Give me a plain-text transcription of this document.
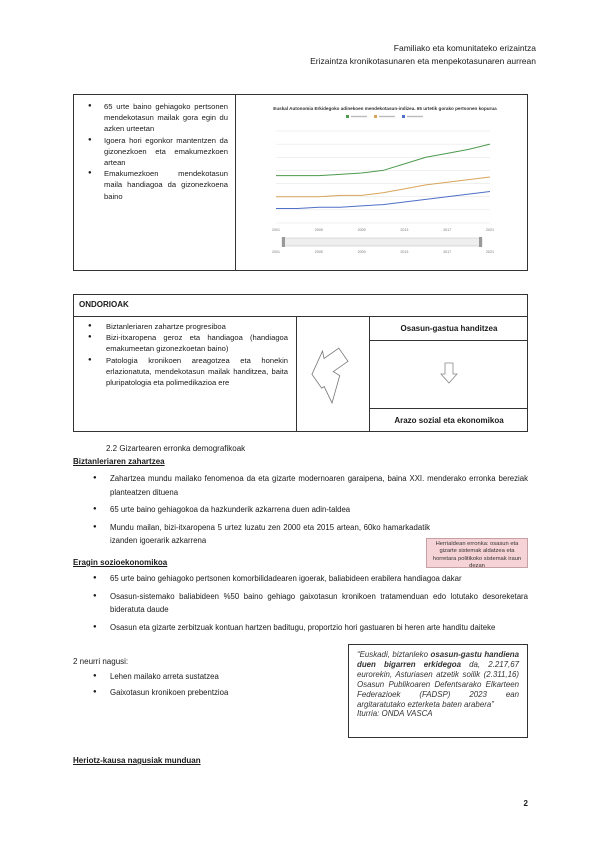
Familiako eta komunitateko erizaintza
Erizaintza kronikotasunaren eta menpekotasunaren aurrean
● 65 urte baino gehiagoko pertsonen mendekotasun mailak gora egin du azken urteetan
● Igoera hori egonkor mantentzen da gizonezkoen eta emakumezkoen artean
● Emakumezkoen mendekotasun maila handiagoa da gizonezkoena baino
Euskal Autonomia Erkidegoko adinekoen mendekotasun-indizea. 65 urtetik gorako pertsonen kopurua
2001	2005	2009	2013	2017	2021
2001	2005	2009	2013	2017	2021
ONDORIOAK
● Biztanleriaren zahartze progresiboa
● Bizi-itxaropena geroz eta handiagoa (handiagoa emakumeetan gizonezkoetan baino)
● Patologia kronikoen areagotzea eta honekin erlazionatuta, mendekotasun mailak handitzea, baita pluripatologia eta polimedikazioa ere
Osasun-gastua handitzea
Arazo sozial eta ekonomikoa
2.2 Gizartearen erronka demografikoak
Biztanleriaren zahartzea
● Zahartzea mundu mailako fenomenoa da eta gizarte modernoaren garaipena, baina XXI. menderako erronka bereziak planteatzen dituena
● 65 urte baino gehiagokoa da hazkunderik azkarrena duen adin-taldea
● Mundu mailan, bizi-itxaropena 5 urtez luzatu zen 2000 eta 2015 artean, 60ko hamarkadatik izanden igoerarik azkarrena	Herrialdean erronka: osasun eta gizarte sistemak aldatzea eta horretara politikoko sistemak iraun dezan
Eragin sozioekonomikoa
● 65 urte baino gehiagoko pertsonen komorbilidadearen igoerak, baliabideen erabilera handiagoa dakar
● Osasun-sistemako baliabideen %50 baino gehiago gaixotasun kronikoen tratamenduan edo lotutako desoreketara bideratuta daude
● Osasun eta gizarte zerbitzuak kontuan hartzen baditugu, proportzio hori gastuaren bi heren arte handitu daiteke
2 neurri nagusi:
● Lehen mailako arreta sustatzea
● Gaixotasun kronikoen prebentzioa
“Euskadi, biztanleko osasun-gastu handiena duen bigarren erkidegoa da, 2.217,67 eurorekin, Asturiasen atzetik soilik (2.311,16) Osasun Publikoaren Defentsarako Elkarteen Federazioek (FADSP) 2023 ean argitaratutako ezterketa baten arabera”
Iturria: ONDA VASCA
Heriotz-kausa nagusiak munduan
2
